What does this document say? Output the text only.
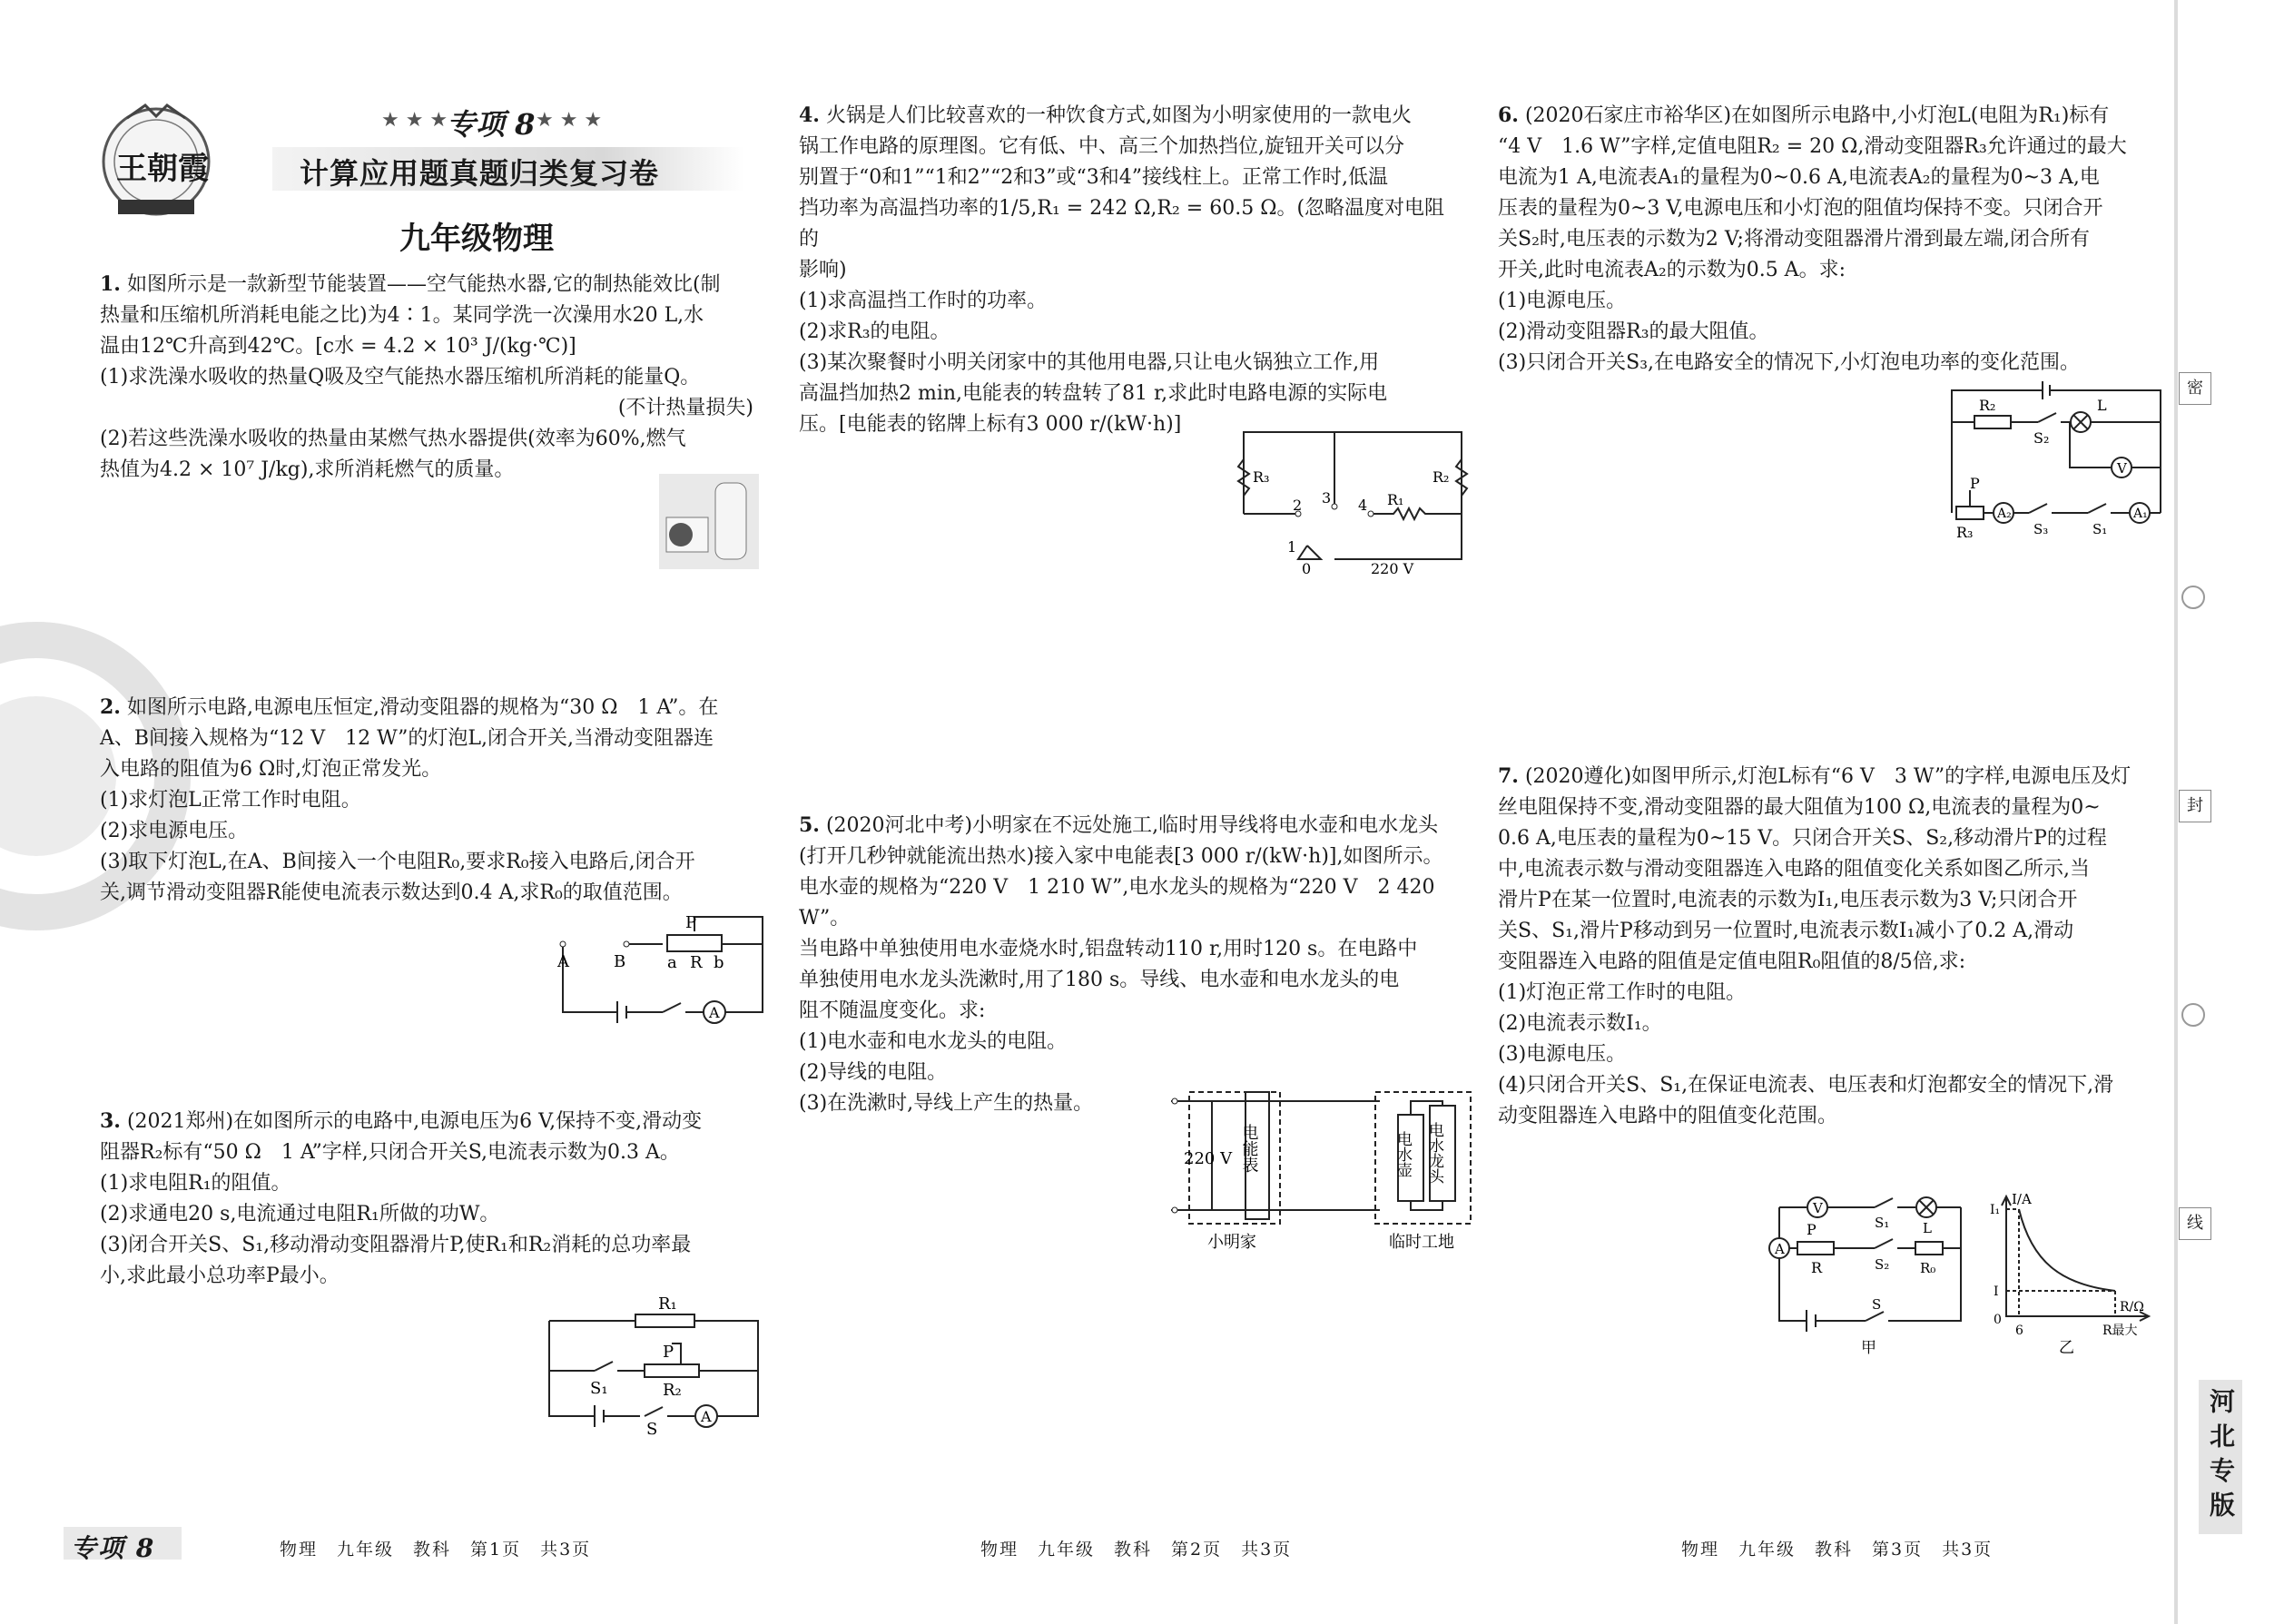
密
封
线
河北专版
王朝霞
★ ★ ★
专项 8 ★ ★ ★
计算应用题真题归类复习卷
九年级物理

1. 如图所示是一款新型节能装置——空气能热水器,它的制热能效比(制

热量和压缩机所消耗电能之比)为4∶1。某同学洗一次澡用水20 L,水

温由12℃升高到42℃。[c水 = 4.2 × 10³ J/(kg·℃)]

(1)求洗澡水吸收的热量Q吸及空气能热水器压缩机所消耗的能量Q。

(不计热量损失)

(2)若这些洗澡水吸收的热量由某燃气热水器提供(效率为60%,燃气

热值为4.2 × 10⁷ J/kg),求所消耗燃气的质量。

2. 如图所示电路,电源电压恒定,滑动变阻器的规格为“30 Ω　1 A”。在

A、B间接入规格为“12 V　12 W”的灯泡L,闭合开关,当滑动变阻器连

入电路的阻值为6 Ω时,灯泡正常发光。

(1)求灯泡L正常工作时电阻。

(2)求电源电压。

(3)取下灯泡L,在A、B间接入一个电阻R₀,要求R₀接入电路后,闭合开

关,调节滑动变阻器R能使电流表示数达到0.4 A,求R₀的取值范围。

A	B
P
a R b
A

3. (2021郑州)在如图所示的电路中,电源电压为6 V,保持不变,滑动变

阻器R₂标有“50 Ω　1 A”字样,只闭合开关S,电流表示数为0.3 A。

(1)求电阻R₁的阻值。

(2)求通电20 s,电流通过电阻R₁所做的功W。

(3)闭合开关S、S₁,移动滑动变阻器滑片P,使R₁和R₂消耗的总功率最

小,求此最小总功率P最小。

R₁
S₁
P
R₂
S
A

4. 火锅是人们比较喜欢的一种饮食方式,如图为小明家使用的一款电火

锅工作电路的原理图。它有低、中、高三个加热挡位,旋钮开关可以分

别置于“0和1”“1和2”“2和3”或“3和4”接线柱上。正常工作时,低温

挡功率为高温挡功率的1/5,R₁ = 242 Ω,R₂ = 60.5 Ω。(忽略温度对电阻的

影响)

(1)求高温挡工作时的功率。

(2)求R₃的电阻。

(3)某次聚餐时小明关闭家中的其他用电器,只让电火锅独立工作,用

高温挡加热2 min,电能表的转盘转了81 r,求此时电路电源的实际电

压。[电能表的铭牌上标有3 000 r/(kW·h)]

R₃
3
R₂
2	4 R₁
1
0	220 V

5. (2020河北中考)小明家在不远处施工,临时用导线将电水壶和电水龙头

(打开几秒钟就能流出热水)接入家中电能表[3 000 r/(kW·h)],如图所示。

电水壶的规格为“220 V　1 210 W”,电水龙头的规格为“220 V　2 420 W”。

当电路中单独使用电水壶烧水时,铝盘转动110 r,用时120 s。在电路中

单独使用电水龙头洗漱时,用了180 s。导线、电水壶和电水龙头的电

阻不随温度变化。求:

(1)电水壶和电水龙头的电阻。

(2)导线的电阻。

(3)在洗漱时,导线上产生的热量。

220 V 电能表	电水壶 电水龙头
小明家	临时工地

6. (2020石家庄市裕华区)在如图所示电路中,小灯泡L(电阻为R₁)标有

“4 V　1.6 W”字样,定值电阻R₂ = 20 Ω,滑动变阻器R₃允许通过的最大

电流为1 A,电流表A₁的量程为0~0.6 A,电流表A₂的量程为0~3 A,电

压表的量程为0~3 V,电源电压和小灯泡的阻值均保持不变。只闭合开

关S₂时,电压表的示数为2 V;将滑动变阻器滑片滑到最左端,闭合所有

开关,此时电流表A₂的示数为0.5 A。求:

(1)电源电压。

(2)滑动变阻器R₃的最大阻值。

(3)只闭合开关S₃,在电路安全的情况下,小灯泡电功率的变化范围。

R₂
S₂
L
V
P
A₂
S₃	S₁
A₁
R₃

7. (2020遵化)如图甲所示,灯泡L标有“6 V　3 W”的字样,电源电压及灯

丝电阻保持不变,滑动变阻器的最大阻值为100 Ω,电流表的量程为0~

0.6 A,电压表的量程为0~15 V。只闭合开关S、S₂,移动滑片P的过程

中,电流表示数与滑动变阻器连入电路的阻值变化关系如图乙所示,当

滑片P在某一位置时,电流表的示数为I₁,电压表示数为3 V;只闭合开

关S、S₁,滑片P移动到另一位置时,电流表示数I₁减小了0.2 A,滑动

变阻器连入电路的阻值是定值电阻R₀阻值的8/5倍,求:

(1)灯泡正常工作时的电阻。

(2)电流表示数I₁。

(3)电源电压。

(4)只闭合开关S、S₁,在保证电流表、电压表和灯泡都安全的情况下,滑

动变阻器连入电路中的阻值变化范围。

V
S₁ L
A
P
R	S₂ R₀
S
甲
I/A
I₁
I
0
6	R最大
R/Ω
乙
专项 8	物理　九年级　教科　第1页　共3页	物理　九年级　教科　第2页　共3页	物理　九年级　教科　第3页　共3页
